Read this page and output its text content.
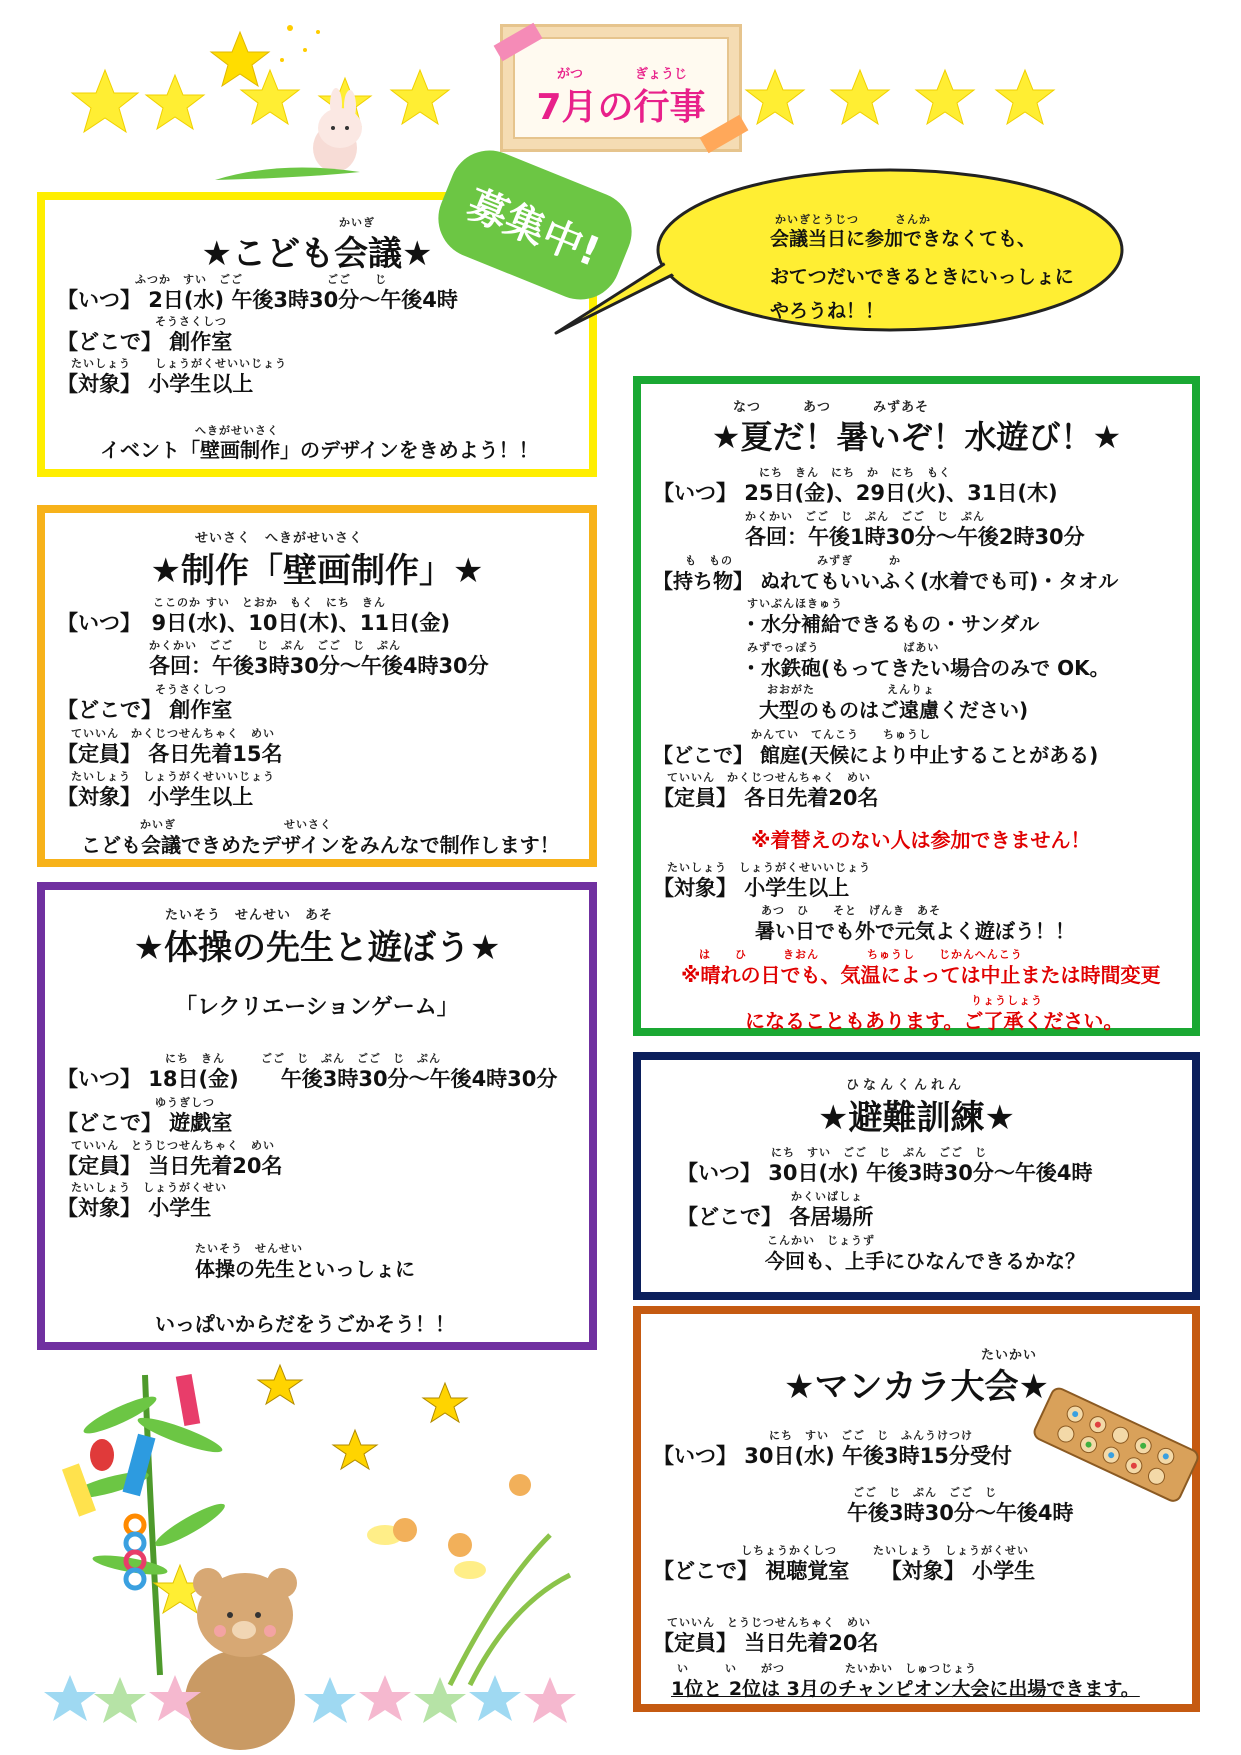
がつ	ぎょうじ
7月の行事
かいぎ
★こども会議★
ふつか　すい　ごご　　　　　　　ごご　　じ
【いつ】 2日(水) 午後3時30分～午後4時
そうさくしつ
【どこで】 創作室
たいしょう　　しょうがくせいいじょう
【対象】 小学生以上
へきがせいさく
イベント「壁画制作」のデザインをきめよう！！
募集中!	かいぎとうじつ　　　さんか
会議当日に参加できなくても、
おてつだいできるときにいっしょに
やろうね！！
せいさく　へきがせいさく
★制作「壁画制作」★
ここのか すい　とおか　もく　にち　きん
【いつ】　9日(水)、10日(木)、11日(金)
かくかい　ごご　　じ　ぷん　ごご　じ　ぷん
各回：午後3時30分～午後4時30分
そうさくしつ
【どこで】 創作室
ていいん　かくじつせんちゃく　めい
【定員】 各日先着15名
たいしょう　しょうがくせいいじょう
【対象】 小学生以上
かいぎ　　　　　　　　　せいさく
こども会議できめたデザインをみんなで制作します！
たいそう　せんせい　あそ
★体操の先生と遊ぼう★
「レクリエーションゲーム」
にち　きん　　　ごご　じ　ぷん　ごご　じ　ぷん
【いつ】 18日(金)　　午後3時30分～午後4時30分
ゆうぎしつ
【どこで】 遊戯室
ていいん　とうじつせんちゃく　めい
【定員】 当日先着20名
たいしょう　しょうがくせい
【対象】 小学生
たいそう　せんせい
体操の先生といっしょに
いっぱいからだをうごかそう！！
なつ　　　あつ　　　みずあそ
★夏だ！暑いぞ！水遊び！★
にち　きん　にち　か　にち　もく
【いつ】 25日(金)、29日(火)、31日(木)
かくかい　ごご　じ　ぷん　ごご　じ　ぷん
各回：午後1時30分～午後2時30分
も　もの　　　　　　　みずぎ　　　か
【持ち物】 ぬれてもいいふく(水着でも可)・タオル
すいぶんほきゅう
・水分補給できるもの・サンダル
みずでっぽう　　　　　　　ばあい
・水鉄砲(もってきたい場合のみで OK。
おおがた　　　　　　えんりょ
大型のものはご遠慮ください)
かんてい　てんこう　　ちゅうし
【どこで】 館庭(天候により中止することがある)
ていいん　かくじつせんちゃく　めい
【定員】 各日先着20名
※着替えのない人は参加できません！
たいしょう　しょうがくせいいじょう
【対象】 小学生以上
あつ　ひ　　そと　げんき　あそ
暑い日でも外で元気よく遊ぼう！！
は　　ひ　　　きおん　　　　ちゅうし　　じかんへんこう
※晴れの日でも、気温によっては中止または時間変更
りょうしょう
になることもあります。ご了承ください。
ひなんくんれん
★避難訓練★
にち　すい　ごご　じ　ぷん　ごご　じ
【いつ】 30日(水) 午後3時30分～午後4時
かくいばしょ
【どこで】 各居場所
こんかい　じょうず
今回も、上手にひなんできるかな？
たいかい
★マンカラ大会★
にち　すい　ごご　じ　ふんうけつけ
【いつ】 30日(水) 午後3時15分受付
ごご　じ　ぷん　ごご　じ
午後3時30分～午後4時
しちょうかくしつ　　　たいしょう　しょうがくせい
【どこで】 視聴覚室　　【対象】 小学生
ていいん　とうじつせんちゃく　めい
【定員】 当日先着20名
い　　　い　　がつ　　　　　たいかい　しゅつじょう
1位と 2位は 3月のチャンピオン大会に出場できます。
